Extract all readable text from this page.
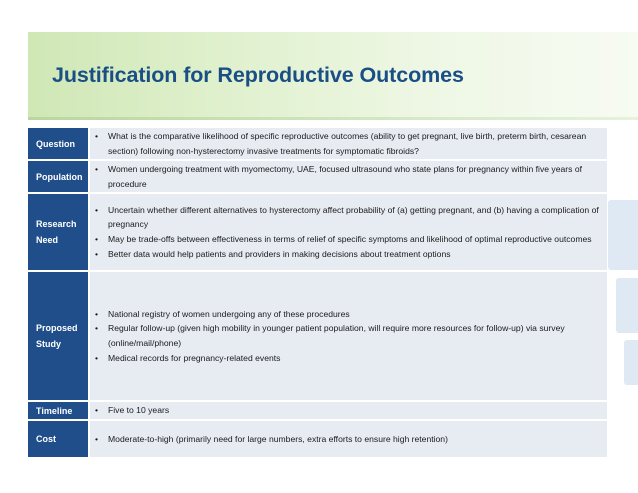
Justification for Reproductive Outcomes
Question
• What is the comparative likelihood of specific reproductive outcomes (ability to get pregnant, live birth, preterm birth, cesarean section) following non-hysterectomy invasive treatments for symptomatic fibroids?
Population
• Women undergoing treatment with myomectomy, UAE, focused ultrasound who state plans for pregnancy within five years of procedure
Research Need
• Uncertain whether different alternatives to hysterectomy affect probability of (a) getting pregnant, and (b) having a complication of pregnancy
• May be trade-offs between effectiveness in terms of relief of specific symptoms and likelihood of optimal reproductive outcomes
• Better data would help patients and providers in making decisions about treatment options
Proposed Study
• National registry of women undergoing any of these procedures
• Regular follow-up (given high mobility in younger patient population, will require more resources for follow-up) via survey (online/mail/phone)
• Medical records for pregnancy-related events
Timeline	• Five to 10 years
Cost	• Moderate-to-high (primarily need for large numbers, extra efforts to ensure high retention)
